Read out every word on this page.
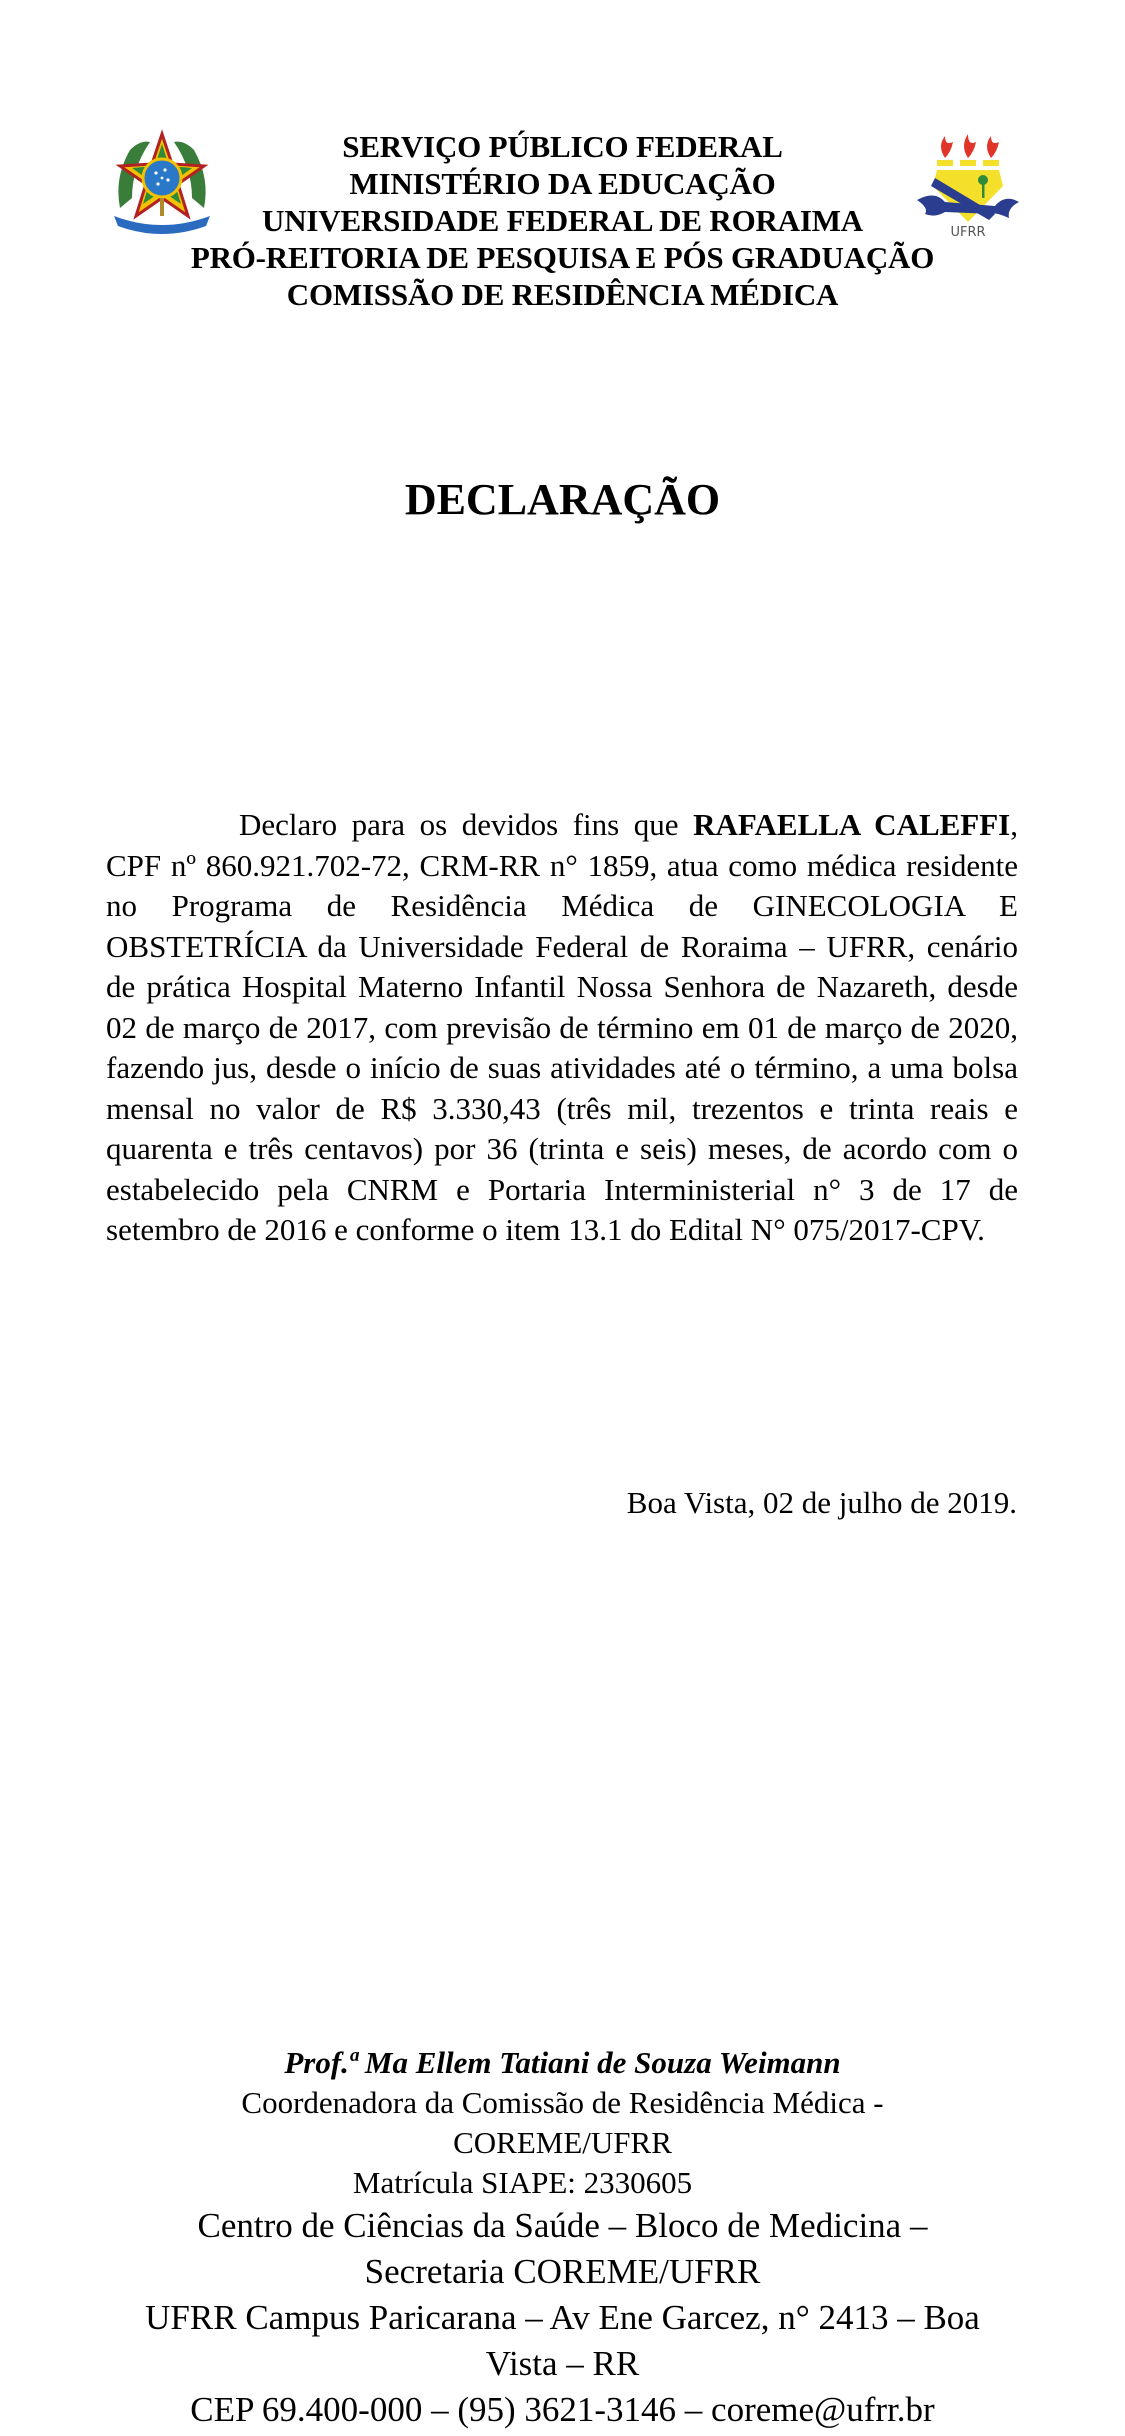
SERVIÇO PÚBLICO FEDERAL
MINISTÉRIO DA EDUCAÇÃO
UNIVERSIDADE FEDERAL DE RORAIMA
PRÓ-REITORIA DE PESQUISA E PÓS GRADUAÇÃO
COMISSÃO DE RESIDÊNCIA MÉDICA
UFRR
DECLARAÇÃO
Declaro para os devidos fins que RAFAELLA CALEFFI, CPF nº 860.921.702-72, CRM-RR n° 1859, atua como médica residente no Programa de Residência Médica de GINECOLOGIA E OBSTETRÍCIA da Universidade Federal de Roraima – UFRR, cenário de prática Hospital Materno Infantil Nossa Senhora de Nazareth, desde 02 de março de 2017, com previsão de término em 01 de março de 2020, fazendo jus, desde o início de suas atividades até o término, a uma bolsa mensal no valor de R$ 3.330,43 (três mil, trezentos e trinta reais e quarenta e três centavos) por 36 (trinta e seis) meses, de acordo com o estabelecido pela CNRM e Portaria Interministerial n° 3 de 17 de setembro de 2016 e conforme o item 13.1 do Edital N° 075/2017-CPV.
Boa Vista, 02 de julho de 2019.
Prof.ª Ma Ellem Tatiani de Souza Weimann
Coordenadora da Comissão de Residência Médica -
COREME/UFRR
Matrícula SIAPE: 2330605
Centro de Ciências da Saúde – Bloco de Medicina –
Secretaria COREME/UFRR
UFRR Campus Paricarana – Av Ene Garcez, n° 2413 – Boa
Vista – RR
CEP 69.400-000 – (95) 3621-3146 – coreme@ufrr.br
